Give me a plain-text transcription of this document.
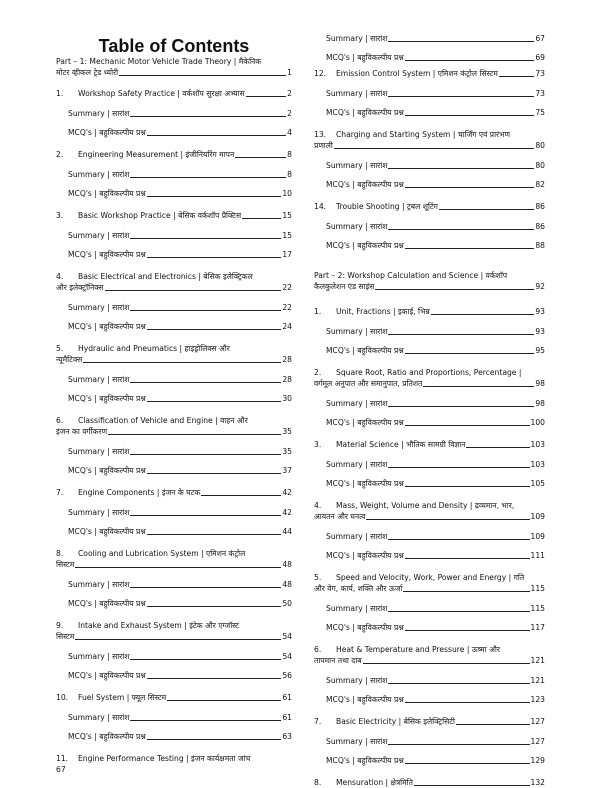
Table of Contents
Part – 1: Mechanic Motor Vehicle Trade Theory | मैकेनिक
मोटर व्हीकल ट्रेड थ्योरी	1
1. Workshop Safety Practice | वर्कशॉप सुरक्षा अभ्यास	2
Summary | सारांश	2
MCQ's | बहुविकल्पीय प्रश्न	4
2. Engineering Measurement | इंजीनियरिंग मापन	8
Summary | सारांश	8
MCQ's | बहुविकल्पीय प्रश्न	10
3. Basic Workshop Practice | बेसिक वर्कशॉप प्रैक्टिस	15
Summary | सारांश	15
MCQ's | बहुविकल्पीय प्रश्न	17
4. Basic Electrical and Electronics | बेसिक इलेक्ट्रिकल
और इलेक्ट्रॉनिक्स	22
Summary | सारांश	22
MCQ's | बहुविकल्पीय प्रश्न	24
5. Hydraulic and Pneumatics | हाइड्रोलिक्स और
न्यूमैटिक्स	28
Summary | सारांश	28
MCQ's | बहुविकल्पीय प्रश्न	30
6. Classification of Vehicle and Engine | वाहन और
इंजन का वर्गीकरण	35
Summary | सारांश	35
MCQ's | बहुविकल्पीय प्रश्न	37
7. Engine Components | इंजन के घटक	42
Summary | सारांश	42
MCQ's | बहुविकल्पीय प्रश्न	44
8. Cooling and Lubrication System | एमिशन कंट्रोल
सिस्टम	48
Summary | सारांश	48
MCQ's | बहुविकल्पीय प्रश्न	50
9. Intake and Exhaust System | इंटेक और एग्जॉस्ट
सिस्टम	54
Summary | सारांश	54
MCQ's | बहुविकल्पीय प्रश्न	56
10. Fuel System | फ्यूल सिस्टम	61
Summary | सारांश	61
MCQ's | बहुविकल्पीय प्रश्न	63
11. Engine Performance Testing | इंजन कार्यक्षमता जांच
67
Summary | सारांश	67
MCQ's | बहुविकल्पीय प्रश्न	69
12. Emission Control System | एमिशन कंट्रोल सिस्टम	73
Summary | सारांश	73
MCQ's | बहुविकल्पीय प्रश्न	75
13. Charging and Starting System | चार्जिंग एवं प्रारंभण
प्रणाली	80
Summary | सारांश	80
MCQ's | बहुविकल्पीय प्रश्न	82
14. Trouble Shooting | ट्रबल शूटिंग	86
Summary | सारांश	86
MCQ's | बहुविकल्पीय प्रश्न	88
Part – 2: Workshop Calculation and Science | वर्कशॉप
कैलकुलेशन एंड साइंस	92
1. Unit, Fractions | इकाई, भिन्न	93
Summary | सारांश	93
MCQ's | बहुविकल्पीय प्रश्न	95
2. Square Root, Ratio and Proportions, Percentage |
वर्गमूल अनुपात और समानुपात, प्रतिशत	98
Summary | सारांश	98
MCQ's | बहुविकल्पीय प्रश्न	100
3. Material Science | भौतिक सामग्री विज्ञान	103
Summary | सारांश	103
MCQ's | बहुविकल्पीय प्रश्न	105
4. Mass, Weight, Volume and Density | द्रव्यमान, भार,
आयतन और घनत्व	109
Summary | सारांश	109
MCQ's | बहुविकल्पीय प्रश्न	111
5. Speed and Velocity, Work, Power and Energy | गति
और वेग, कार्य, शक्ति और ऊर्जा	115
Summary | सारांश	115
MCQ's | बहुविकल्पीय प्रश्न	117
6. Heat & Temperature and Pressure | ऊष्मा और
तापमान तथा दाब	121
Summary | सारांश	121
MCQ's | बहुविकल्पीय प्रश्न	123
7. Basic Electricity | बेसिक इलेक्ट्रिसिटी	127
Summary | सारांश	127
MCQ's | बहुविकल्पीय प्रश्न	129
8. Mensuration | क्षेत्रमिति	132
